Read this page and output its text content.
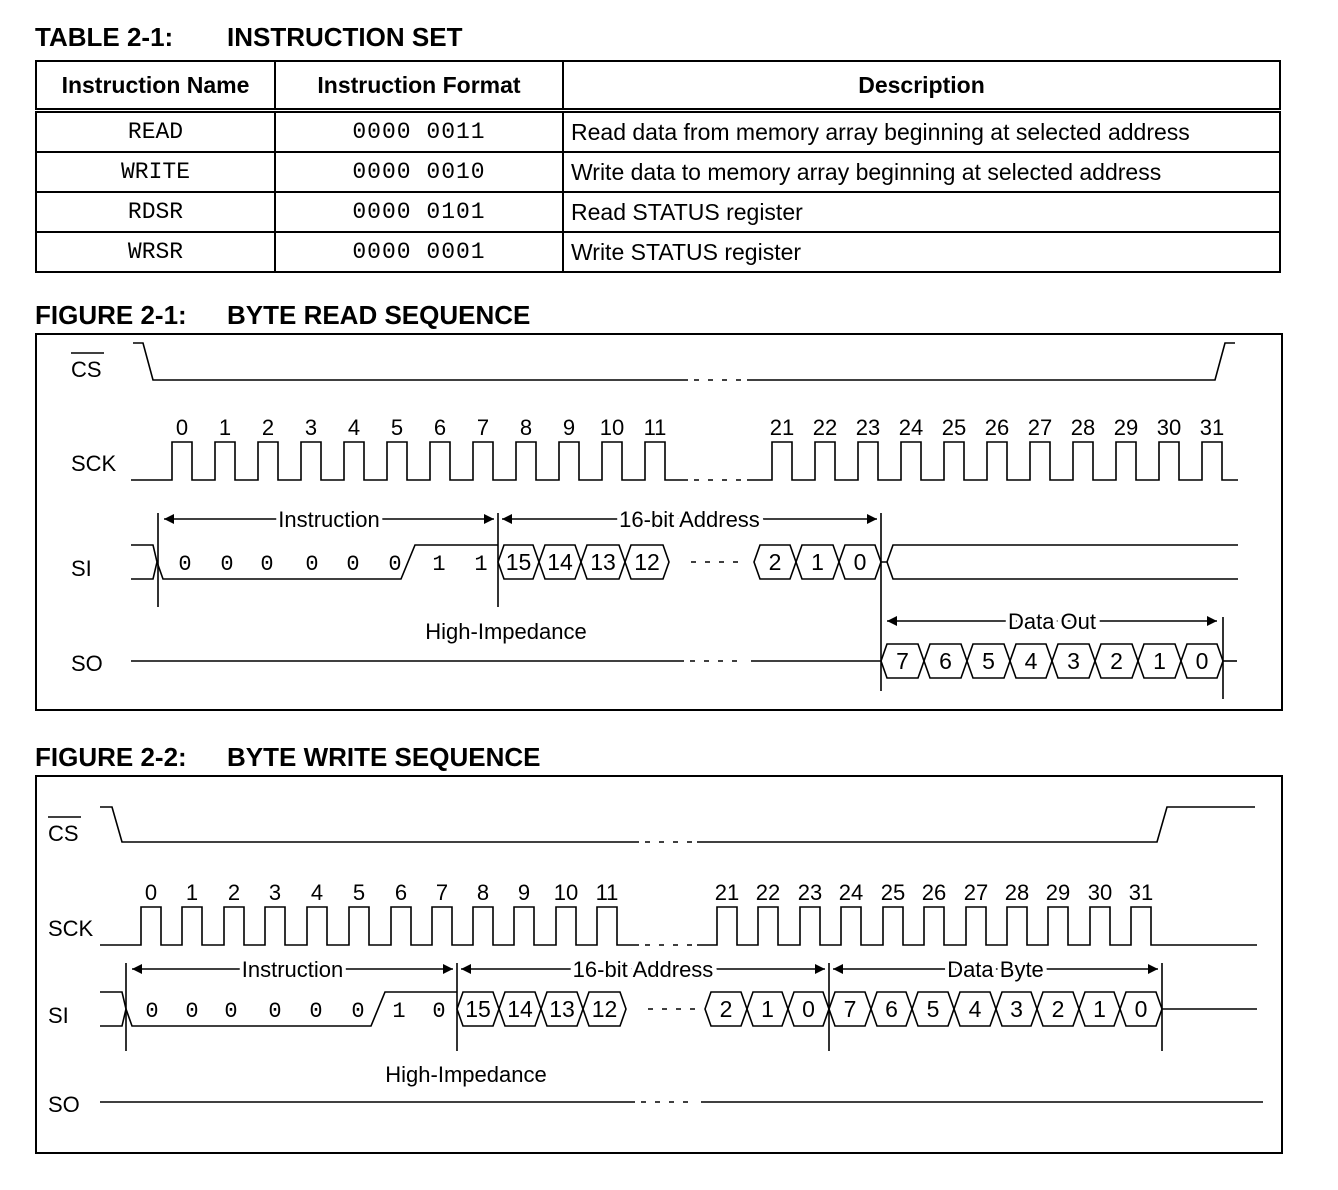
TABLE 2-1: INSTRUCTION SET
Instruction Name	Instruction Format	Description
READ	0000 0011	Read data from memory array beginning at selected address
WRITE	0000 0010	Write data to memory array beginning at selected address
RDSR	0000 0101	Read STATUS register
WRSR	0000 0001	Write STATUS register
FIGURE 2-1: BYTE READ SEQUENCE
CS
SCK
SI
SO
0 1 2 3 4 5 6 7 8 9 10 11	21 22 23 24 25 26 27 28 29 30 31
Instruction	16-bit Address
Data Out
0 0 0 0 0 0 1 1 15 14 13 12	2 1 0
7 6 5 4 3 2 1 0
High-Impedance
FIGURE 2-2: BYTE WRITE SEQUENCE
CS
SCK
SI
SO
0 1 2 3 4 5 6 7 8 9 10 11	21 22 23 24 25 26 27 28 29 30 31
Instruction	16-bit Address	Data Byte
0 0 0 0 0 0 1 0 15 14 13 12	2 1 0 7 6 5 4 3 2 1 0
High-Impedance
